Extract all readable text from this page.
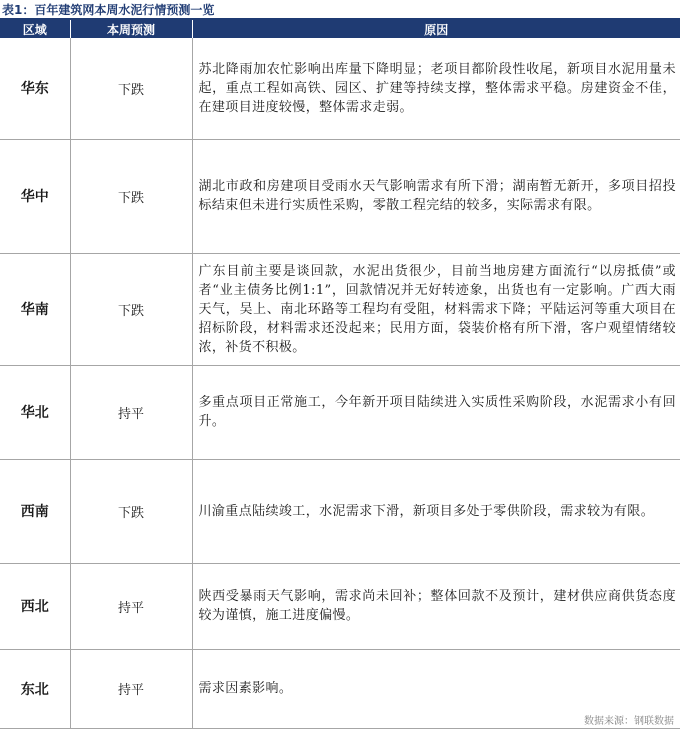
表1：百年建筑网本周水泥行情预测一览
区域	本周预测	原因
华东	下跌	苏北降雨加农忙影响出库量下降明显；老项目都阶段性收尾，新项目水泥用量未起，重点工程如高铁、园区、扩建等持续支撑，整体需求平稳。房建资金不佳，在建项目进度较慢，整体需求走弱。
华中	下跌	湖北市政和房建项目受雨水天气影响需求有所下滑；湖南暂无新开，多项目招投标结束但未进行实质性采购，零散工程完结的较多，实际需求有限。
华南	下跌	广东目前主要是谈回款，水泥出货很少，目前当地房建方面流行“以房抵债”或者“业主债务比例1:1”，回款情况并无好转迹象，出货也有一定影响。广西大雨天气，吴上、南北环路等工程均有受阻，材料需求下降；平陆运河等重大项目在招标阶段，材料需求还没起来；民用方面，袋装价格有所下滑，客户观望情绪较浓，补货不积极。
华北	持平	多重点项目正常施工，今年新开项目陆续进入实质性采购阶段，水泥需求小有回升。
西南	下跌	川渝重点陆续竣工，水泥需求下滑，新项目多处于零供阶段，需求较为有限。
西北	持平	陕西受暴雨天气影响，需求尚未回补；整体回款不及预计，建材供应商供货态度较为谨慎，施工进度偏慢。
东北	持平	需求因素影响。
数据来源：钢联数据
